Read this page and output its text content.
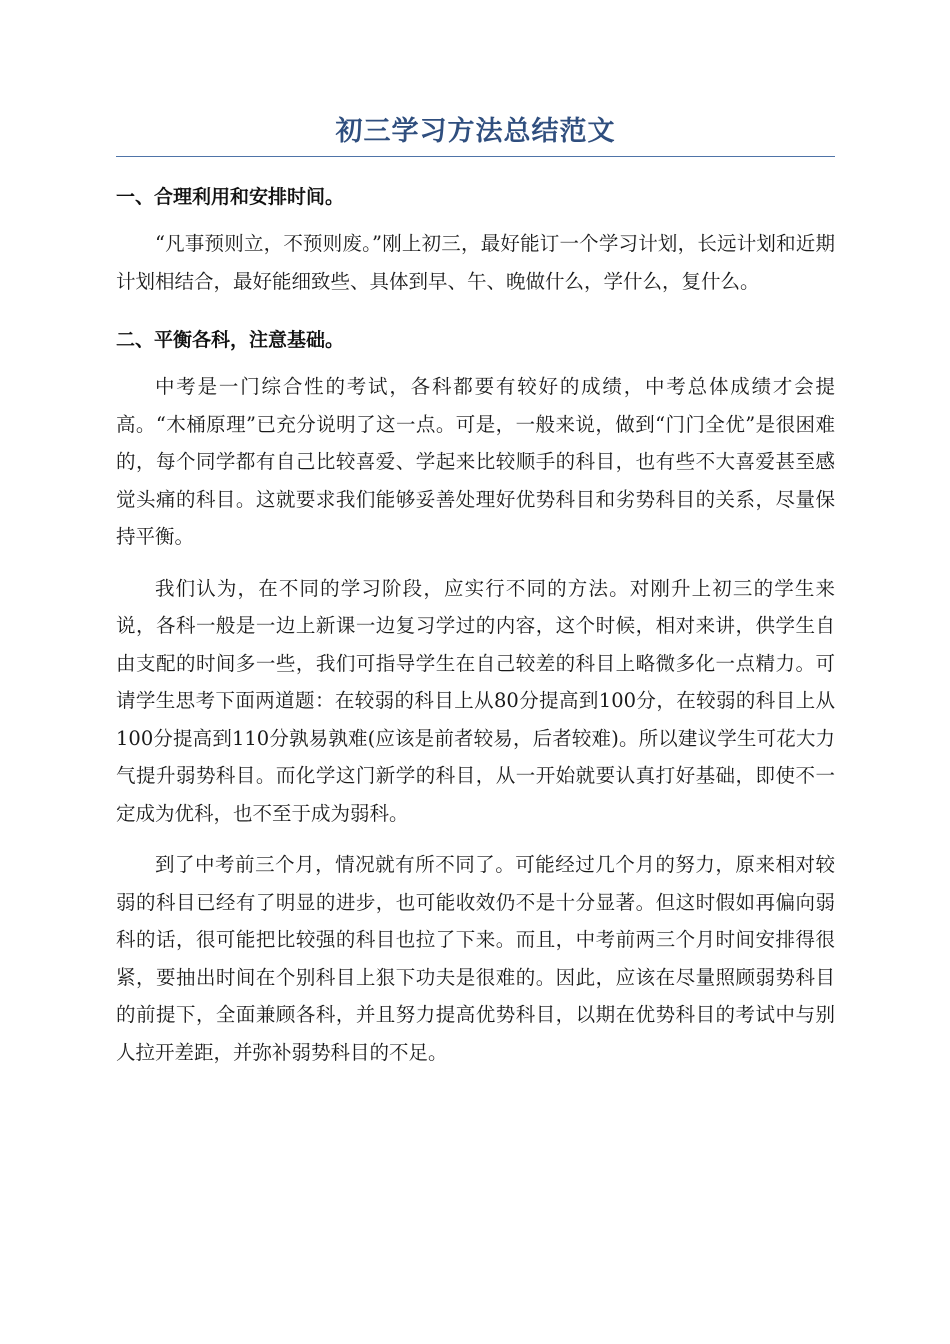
初三学习方法总结范文

一、合理利用和安排时间。

“凡事预则立，不预则废。”刚上初三，最好能订一个学习计划，长远计划和近期计划相结合，最好能细致些、具体到早、午、晚做什么，学什么，复什么。

二、平衡各科，注意基础。

中考是一门综合性的考试，各科都要有较好的成绩，中考总体成绩才会提高。“木桶原理”已充分说明了这一点。可是，一般来说，做到“门门全优”是很困难的，每个同学都有自己比较喜爱、学起来比较顺手的科目，也有些不大喜爱甚至感觉头痛的科目。这就要求我们能够妥善处理好优势科目和劣势科目的关系，尽量保持平衡。

我们认为，在不同的学习阶段，应实行不同的方法。对刚升上初三的学生来说，各科一般是一边上新课一边复习学过的内容，这个时候，相对来讲，供学生自由支配的时间多一些，我们可指导学生在自己较差的科目上略微多化一点精力。可请学生思考下面两道题：在较弱的科目上从80分提高到100分，在较弱的科目上从100分提高到110分孰易孰难(应该是前者较易，后者较难)。所以建议学生可花大力气提升弱势科目。而化学这门新学的科目，从一开始就要认真打好基础，即使不一定成为优科，也不至于成为弱科。

到了中考前三个月，情况就有所不同了。可能经过几个月的努力，原来相对较弱的科目已经有了明显的进步，也可能收效仍不是十分显著。但这时假如再偏向弱科的话，很可能把比较强的科目也拉了下来。而且，中考前两三个月时间安排得很紧，要抽出时间在个别科目上狠下功夫是很难的。因此，应该在尽量照顾弱势科目的前提下，全面兼顾各科，并且努力提高优势科目，以期在优势科目的考试中与别人拉开差距，并弥补弱势科目的不足。
